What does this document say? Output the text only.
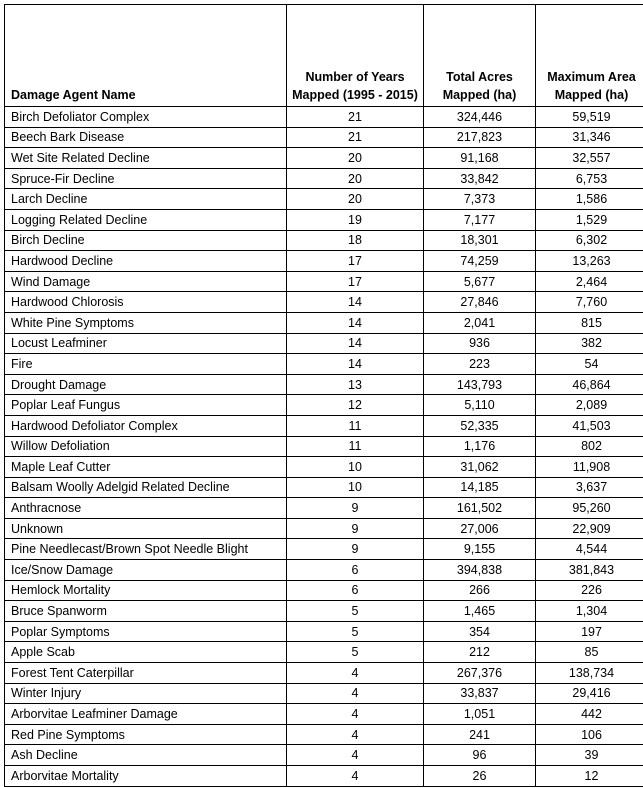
Damage Agent Name	Number of Years Mapped (1995 - 2015)	Total Acres Mapped (ha)	Maximum Area Mapped (ha)
Birch Defoliator Complex	21	324,446	59,519
Beech Bark Disease	21	217,823	31,346
Wet Site Related Decline	20	91,168	32,557
Spruce-Fir Decline	20	33,842	6,753
Larch Decline	20	7,373	1,586
Logging Related Decline	19	7,177	1,529
Birch Decline	18	18,301	6,302
Hardwood Decline	17	74,259	13,263
Wind Damage	17	5,677	2,464
Hardwood Chlorosis	14	27,846	7,760
White Pine Symptoms	14	2,041	815
Locust Leafminer	14	936	382
Fire	14	223	54
Drought Damage	13	143,793	46,864
Poplar Leaf Fungus	12	5,110	2,089
Hardwood Defoliator Complex	11	52,335	41,503
Willow Defoliation	11	1,176	802
Maple Leaf Cutter	10	31,062	11,908
Balsam Woolly Adelgid Related Decline	10	14,185	3,637
Anthracnose	9	161,502	95,260
Unknown	9	27,006	22,909
Pine Needlecast/Brown Spot Needle Blight	9	9,155	4,544
Ice/Snow Damage	6	394,838	381,843
Hemlock Mortality	6	266	226
Bruce Spanworm	5	1,465	1,304
Poplar Symptoms	5	354	197
Apple Scab	5	212	85
Forest Tent Caterpillar	4	267,376	138,734
Winter Injury	4	33,837	29,416
Arborvitae Leafminer Damage	4	1,051	442
Red Pine Symptoms	4	241	106
Ash Decline	4	96	39
Arborvitae Mortality	4	26	12
